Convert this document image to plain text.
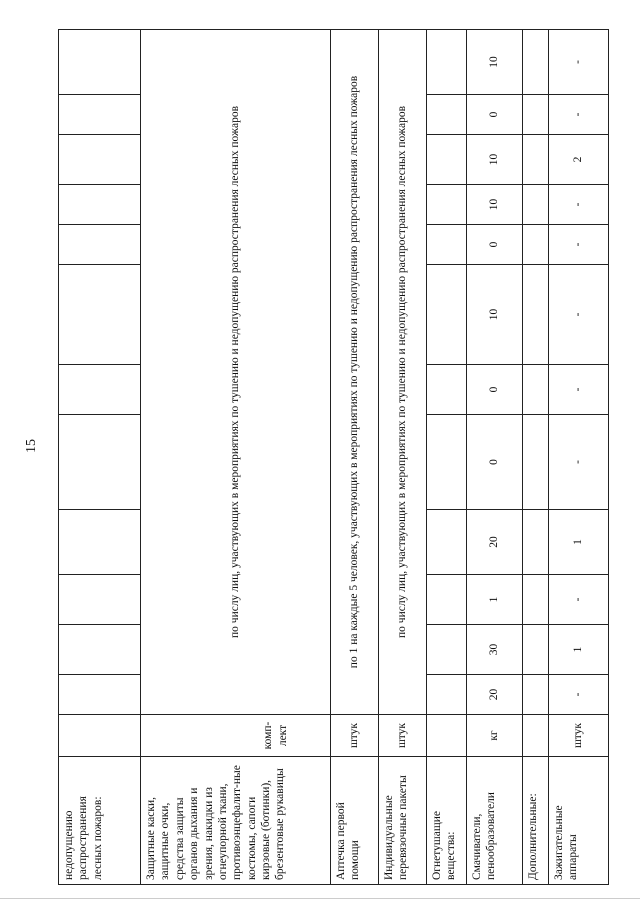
15
недопущению распространения лесных пожаров:													
Защитные каски, защитные очки, средства защиты органов дыхания и зрения, накидки из огнеупорной ткани, противоэнцефалит-ные костюмы, сапоги кирзовые (ботинки), брезентовые рукавицы	комп-лект	по числу лиц, участвующих в мероприятиях по тушению и недопущению распространения лесных пожаров											
Аптечка первой помощи	штук	по 1 на каждые 5 человек, участвующих в мероприятиях по тушению и недопущению распространения лесных пожаров											
Индивидуальные перевязочные пакеты	штук	по числу лиц, участвующих в мероприятиях по тушению и недопущению распространения лесных пожаров											
Огнетушащие вещества:													
Смачиватели, пенообразователи	кг	20	30	1	20	0	0	10	0	10	10	0	10
Дополнительные:													
Зажигательные аппараты	штук	-	1	-	1	-	-	-	-	-	2	-	-
